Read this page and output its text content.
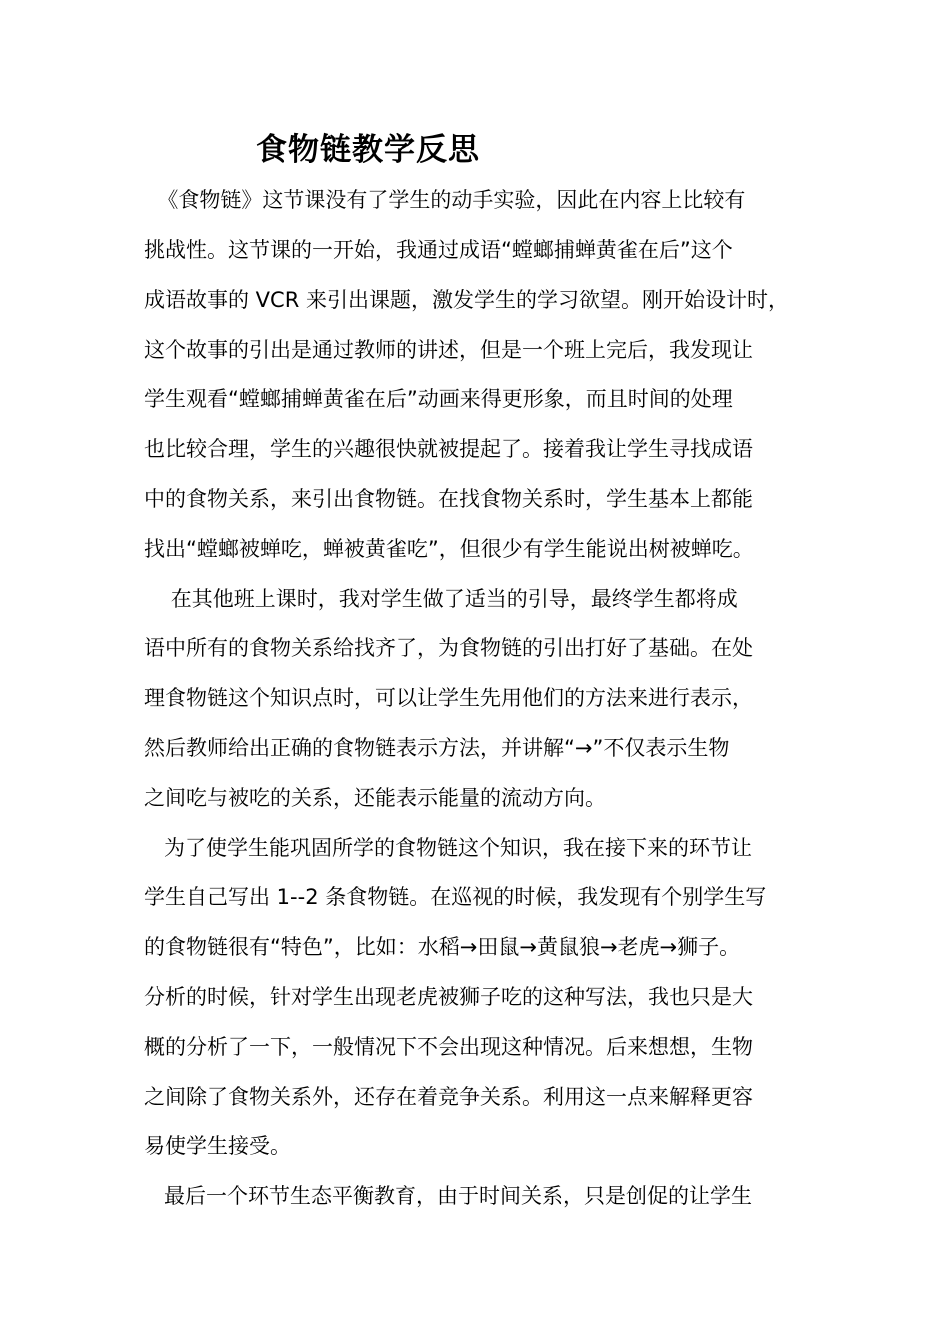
食物链教学反思
《食物链》这节课没有了学生的动手实验，因此在内容上比较有
挑战性。这节课的一开始，我通过成语“螳螂捕蝉黄雀在后”这个
成语故事的 VCR 来引出课题，激发学生的学习欲望。刚开始设计时，
这个故事的引出是通过教师的讲述，但是一个班上完后，我发现让
学生观看“螳螂捕蝉黄雀在后”动画来得更形象，而且时间的处理
也比较合理，学生的兴趣很快就被提起了。接着我让学生寻找成语
中的食物关系，来引出食物链。在找食物关系时，学生基本上都能
找出“螳螂被蝉吃，蝉被黄雀吃”，但很少有学生能说出树被蝉吃。
在其他班上课时，我对学生做了适当的引导，最终学生都将成
语中所有的食物关系给找齐了，为食物链的引出打好了基础。在处
理食物链这个知识点时，可以让学生先用他们的方法来进行表示，
然后教师给出正确的食物链表示方法，并讲解“→”不仅表示生物
之间吃与被吃的关系，还能表示能量的流动方向。
为了使学生能巩固所学的食物链这个知识，我在接下来的环节让
学生自己写出 1--2 条食物链。在巡视的时候，我发现有个别学生写
的食物链很有“特色”，比如：水稻→田鼠→黄鼠狼→老虎→狮子。
分析的时候，针对学生出现老虎被狮子吃的这种写法，我也只是大
概的分析了一下，一般情况下不会出现这种情况。后来想想，生物
之间除了食物关系外，还存在着竞争关系。利用这一点来解释更容
易使学生接受。
最后一个环节生态平衡教育，由于时间关系，只是创促的让学生
